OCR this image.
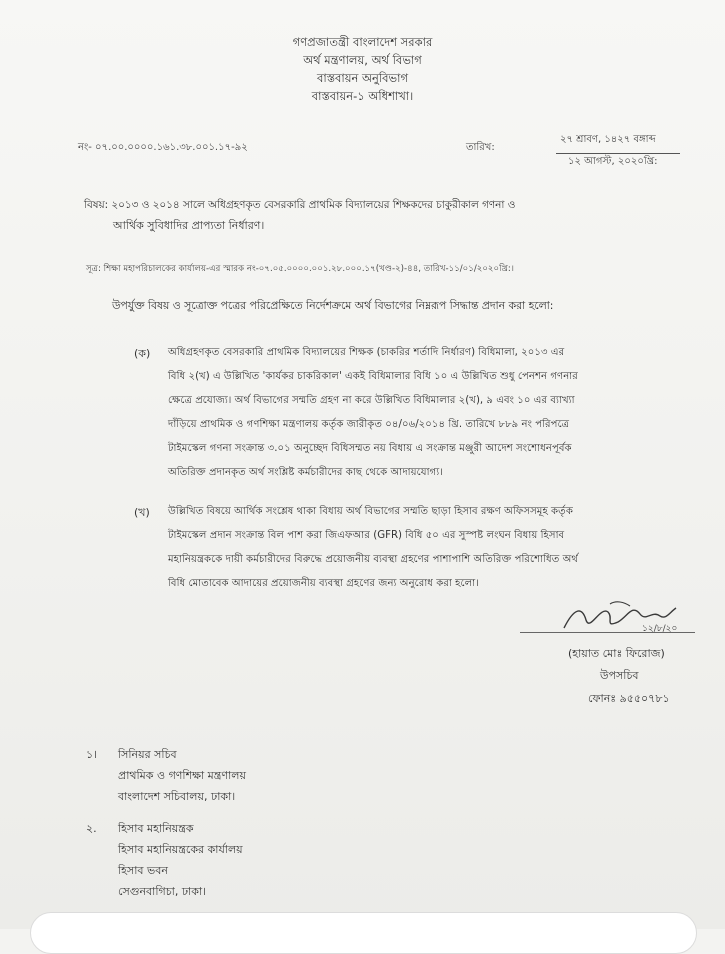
গণপ্রজাতন্ত্রী বাংলাদেশ সরকার
অর্থ মন্ত্রণালয়, অর্থ বিভাগ
বাস্তবায়ন অনুবিভাগ
বাস্তবায়ন-১ অধিশাখা।
নং- ০৭.০০.০০০০.১৬১.৩৮.০০১.১৭-৯২	তারিখ:
২৭ শ্রাবণ, ১৪২৭ বঙ্গাব্দ
১২ আগস্ট, ২০২০খ্রি:
বিষয়: ২০১৩ ও ২০১৪ সালে অধিগ্রহণকৃত বেসরকারি প্রাথমিক বিদ্যালয়ের শিক্ষকদের চাকুরীকাল গণনা ও
আর্থিক সুবিধাদির প্রাপ্যতা নির্ধারণ।
সূত্র: শিক্ষা মহাপরিচালকের কার্যালয়-এর স্মারক নং-০৭.০৫.০০০০.০০১.২৮.০০০.১৭(খণ্ড-২)-৪৪, তারিখ-১১/০১/২০২০খ্রি:।
উপর্যুক্ত বিষয় ও সূত্রোক্ত পত্রের পরিপ্রেক্ষিতে নির্দেশক্রমে অর্থ বিভাগের নিম্নরূপ সিদ্ধান্ত প্রদান করা হলো:
(ক) অধিগ্রহণকৃত বেসরকারি প্রাথমিক বিদ্যালয়ের শিক্ষক (চাকরির শর্তাদি নির্ধারণ) বিধিমালা, ২০১৩ এর
বিধি ২(খ) এ উল্লিখিত 'কার্যকর চাকরিকাল' একই বিধিমালার বিধি ১০ এ উল্লিখিত শুধু পেনশন গণনার
ক্ষেত্রে প্রযোজ্য। অর্থ বিভাগের সম্মতি গ্রহণ না করে উল্লিখিত বিধিমালার ২(খ), ৯ এবং ১০ এর ব্যাখ্যা
দাঁড়িয়ে প্রাথমিক ও গণশিক্ষা মন্ত্রণালয় কর্তৃক জারীকৃত ০৪/০৬/২০১৪ খ্রি. তারিখে ৮৮৯ নং পরিপত্রে
টাইমস্কেল গণনা সংক্রান্ত ৩.০১ অনুচ্ছেদ বিধিসম্মত নয় বিধায় এ সংক্রান্ত মঞ্জুরী আদেশ সংশোধনপূর্বক
অতিরিক্ত প্রদানকৃত অর্থ সংশ্লিষ্ট কর্মচারীদের কাছ থেকে আদায়যোগ্য।
(খ) উল্লিখিত বিষয়ে আর্থিক সংশ্লেষ থাকা বিধায় অর্থ বিভাগের সম্মতি ছাড়া হিসাব রক্ষণ অফিসসমূহ কর্তৃক
টাইমস্কেল প্রদান সংক্রান্ত বিল পাশ করা জিএফআর (GFR) বিধি ৫০ এর সুস্পষ্ট লংঘন বিধায় হিসাব
মহানিয়ন্ত্রককে দায়ী কর্মচারীদের বিরুদ্ধে প্রয়োজনীয় ব্যবস্থা গ্রহণের পাশাপাশি অতিরিক্ত পরিশোধিত অর্থ
বিধি মোতাবেক আদায়ের প্রয়োজনীয় ব্যবস্থা গ্রহণের জন্য অনুরোধ করা হলো।
১২/৮/২০
(হায়াত মোঃ ফিরোজ)
উপসচিব
ফোনঃ ৯৫৫০৭৮১
১। সিনিয়র সচিব
প্রাথমিক ও গণশিক্ষা মন্ত্রণালয়
বাংলাদেশ সচিবালয়, ঢাকা।
২. হিসাব মহানিয়ন্ত্রক
হিসাব মহানিয়ন্ত্রকের কার্যালয়
হিসাব ভবন
সেগুনবাগিচা, ঢাকা।
